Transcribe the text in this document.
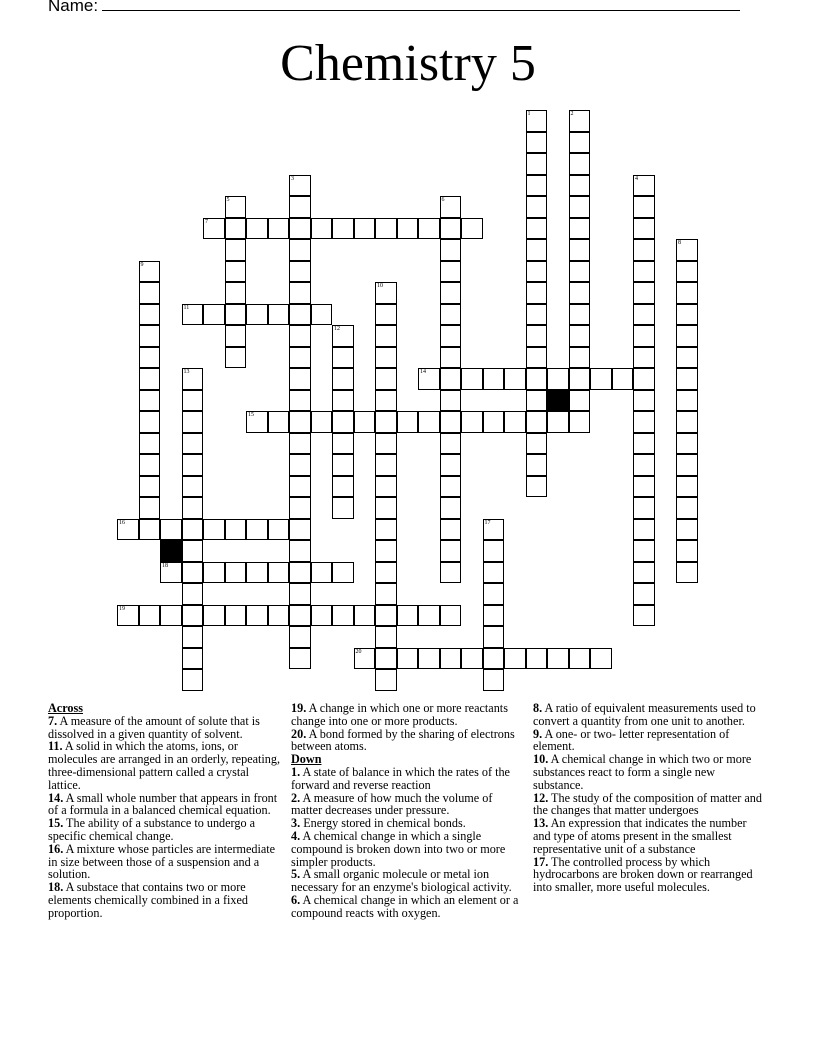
Name:
Chemistry 5
1	2
3	4
5	6
8
9
10
12
13
17
7
11
14
15
16
18
19
20

Across

7. A measure of the amount of solute that is dissolved in a given quantity of solvent.

11. A solid in which the atoms, ions, or molecules are arranged in an orderly, repeating, three-dimensional pattern called a crystal lattice.

14. A small whole number that appears in front of a formula in a balanced chemical equation.

15. The ability of a substance to undergo a specific chemical change.

16. A mixture whose particles are intermediate in size between those of a suspension and a solution.

18. A substace that contains two or more elements chemically combined in a fixed proportion.

19. A change in which one or more reactants change into one or more products.

20. A bond formed by the sharing of electrons between atoms.

Down

1. A state of balance in which the rates of the forward and reverse reaction

2. A measure of how much the volume of matter decreases under pressure.

3. Energy stored in chemical bonds.

4. A chemical change in which a single compound is broken down into two or more simpler products.

5. A small organic molecule or metal ion necessary for an enzyme's biological activity.

6. A chemical change in which an element or a compound reacts with oxygen.

8. A ratio of equivalent measurements used to convert a quantity from one unit to another.

9. A one- or two- letter representation of element.

10. A chemical change in which two or more substances react to form a single new substance.

12. The study of the composition of matter and the changes that matter undergoes

13. An expression that indicates the number and type of atoms present in the smallest representative unit of a substance

17. The controlled process by which hydrocarbons are broken down or rearranged into smaller, more useful molecules.
